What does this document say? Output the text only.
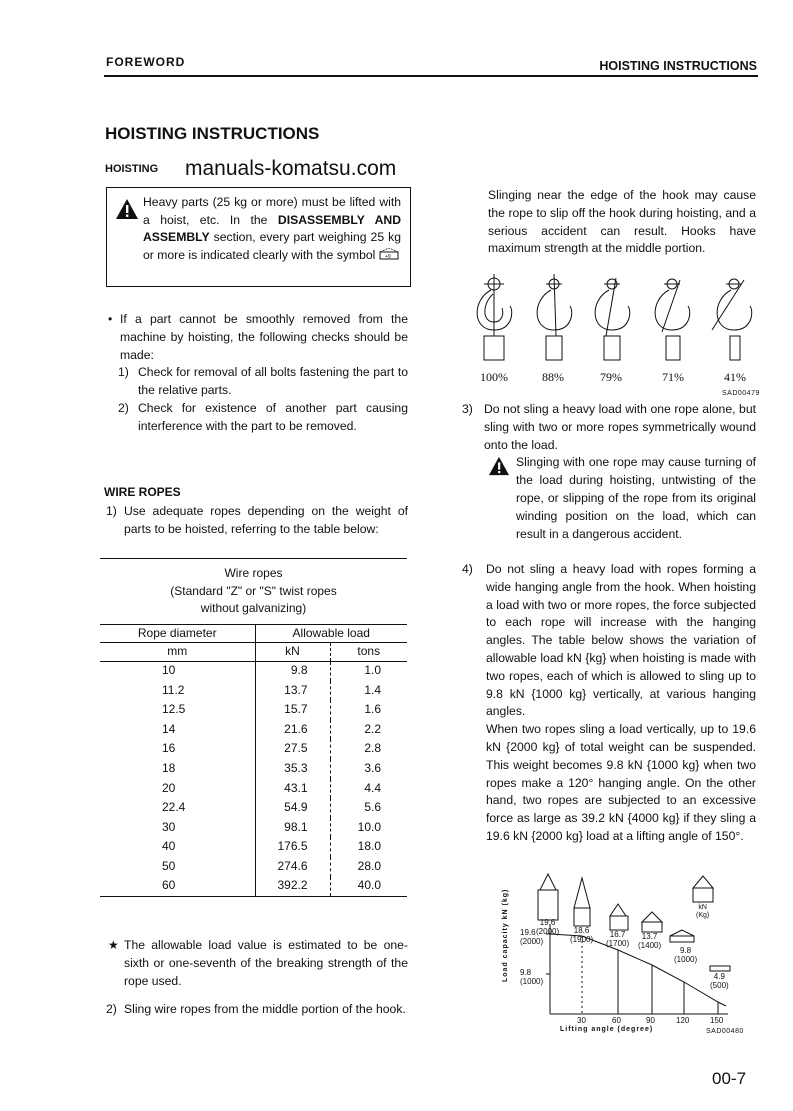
FOREWORD	HOISTING INSTRUCTIONS
HOISTING INSTRUCTIONS
HOISTING manuals-komatsu.com
Heavy parts (25 kg or more) must be lifted with a hoist, etc. In the DISASSEMBLY AND ASSEMBLY section, every part weighing 25 kg or more is indicated clearly with the symbol +9
• If a part cannot be smoothly removed from the machine by hoisting, the following checks should be made:
1) Check for removal of all bolts fastening the part to the relative parts.
2) Check for existence of another part causing interference with the part to be removed.
WIRE ROPES
1) Use adequate ropes depending on the weight of parts to be hoisted, referring to the table below:
Wire ropes		
(Standard "Z" or "S" twist ropes		
without galvanizing)		
Rope diameter	Allowable load	
mm	kN	tons
10	9.8	1.0
11.2	13.7	1.4
12.5	15.7	1.6
14	21.6	2.2
16	27.5	2.8
18	35.3	3.6
20	43.1	4.4
22.4	54.9	5.6
30	98.1	10.0
40	176.5	18.0
50	274.6	28.0
60	392.2	40.0

★ The allowable load value is estimated to be one-sixth or one-seventh of the breaking strength of the rope used.
2) Sling wire ropes from the middle portion of the hook.
Slinging near the edge of the hook may cause the rope to slip off the hook during hoisting, and a serious accident can result. Hooks have maximum strength at the middle portion.
100%	88%	79%	71%	41%
SAD00479
3) Do not sling a heavy load with one rope alone, but sling with two or more ropes symmetrically wound onto the load.
Slinging with one rope may cause turning of the load during hoisting, untwisting of the rope, or slipping of the rope from its original winding position on the load, which can result in a dangerous accident.
4) Do not sling a heavy load with ropes forming a wide hanging angle from the hook. When hoisting a load with two or more ropes, the force subjected to each rope will increase with the hanging angles. The table below shows the variation of allowable load kN {kg} when hoisting is made with two ropes, each of which is allowed to sling up to 9.8 kN {1000 kg} vertically, at various hanging angles.
When two ropes sling a load vertically, up to 19.6 kN {2000 kg} of total weight can be suspended. This weight becomes 9.8 kN {1000 kg} when two ropes make a 120° hanging angle. On the other hand, two ropes are subjected to an excessive force as large as 39.2 kN {4000 kg} if they sling a 19.6 kN {2000 kg} load at a lifting angle of 150°.
Load capacity kN (kg) 19.6
(2000)
9.8
(1000)
19.6
(2000)	18.6
(1900)
16.7
(1700)
13.7
(1400)
9.8
(1000)
4.9
(500)
kN
(Kg)
30	60	90	120	150
Lifting angle (degree)	SAD00480
00-7
